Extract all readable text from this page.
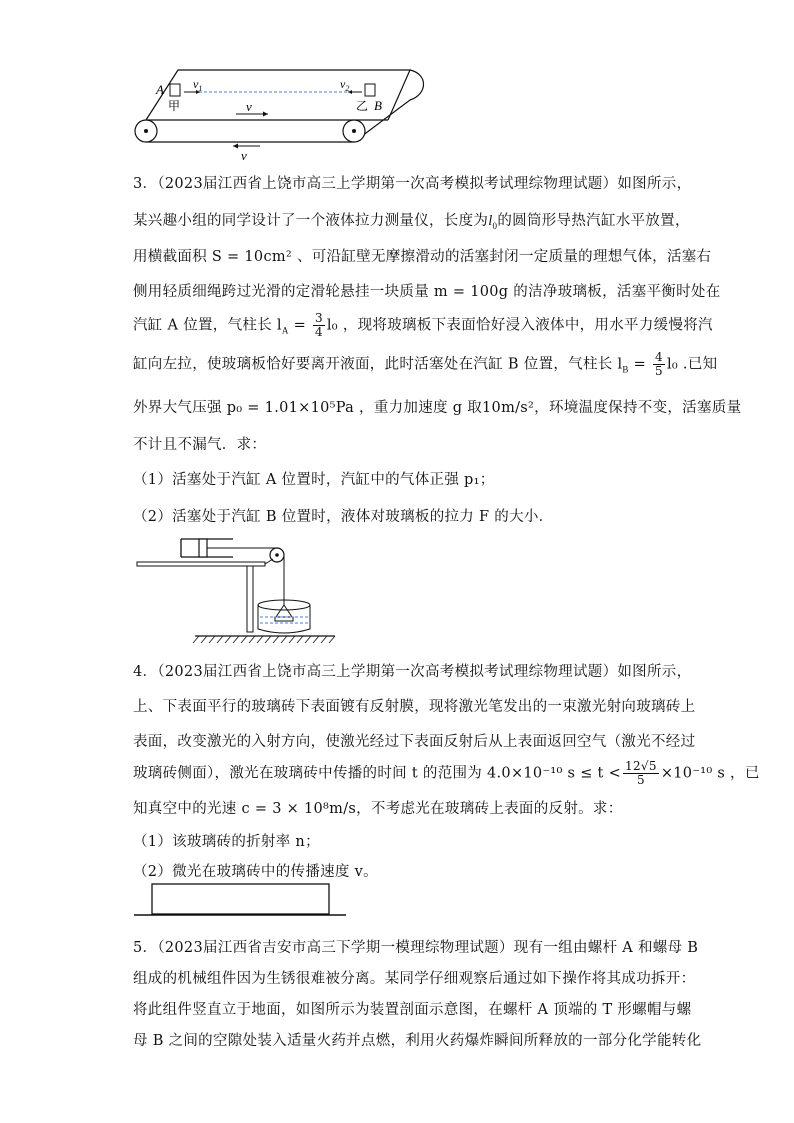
A
甲
$v_1$	$v_2$
乙 B
v
v
3．（2023届江西省上饶市高三上学期第一次高考模拟考试理综物理试题）如图所示，
某兴趣小组的同学设计了一个液体拉力测量仪，长度为$l_0$的圆筒形导热汽缸水平放置，
用横截面积 S = 10cm² 、可沿缸壁无摩擦滑动的活塞封闭一定质量的理想气体，活塞右
侧用轻质细绳跨过光滑的定滑轮悬挂一块质量 m = 100g 的洁净玻璃板，活塞平衡时处在
汽缸 A 位置，气柱长 $l_A = \frac{3}{4} l_0$ ，现将玻璃板下表面恰好浸入液体中，用水平力缓慢将汽
缸向左拉，使玻璃板恰好要离开液面，此时活塞处在汽缸 B 位置，气柱长 $l_B = \frac{4}{5} l_0$ .已知
外界大气压强 p₀ = 1.01×10⁵Pa ，重力加速度 g 取10m/s²，环境温度保持不变，活塞质量
不计且不漏气．求：
（1）活塞处于汽缸 A 位置时，汽缸中的气体正强 p₁；
（2）活塞处于汽缸 B 位置时，液体对玻璃板的拉力 F 的大小．
4．（2023届江西省上饶市高三上学期第一次高考模拟考试理综物理试题）如图所示，
上、下表面平行的玻璃砖下表面镀有反射膜，现将激光笔发出的一束激光射向玻璃砖上
表面，改变激光的入射方向，使激光经过下表面反射后从上表面返回空气（激光不经过
玻璃砖侧面），激光在玻璃砖中传播的时间 t 的范围为 4.0×10⁻¹⁰ $s \le t < \frac{12√5}{5} \times 10^{-10}$ s ，已
知真空中的光速 c = 3 × 10⁸m/s，不考虑光在玻璃砖上表面的反射。求：
（1）该玻璃砖的折射率 n；
（2）微光在玻璃砖中的传播速度 v。
5．（2023届江西省吉安市高三下学期一模理综物理试题）现有一组由螺杆 A 和螺母 B
组成的机械组件因为生锈很难被分离。某同学仔细观察后通过如下操作将其成功拆开：
将此组件竖直立于地面，如图所示为装置剖面示意图，在螺杆 A 顶端的 T 形螺帽与螺
母 B 之间的空隙处装入适量火药并点燃，利用火药爆炸瞬间所释放的一部分化学能转化
